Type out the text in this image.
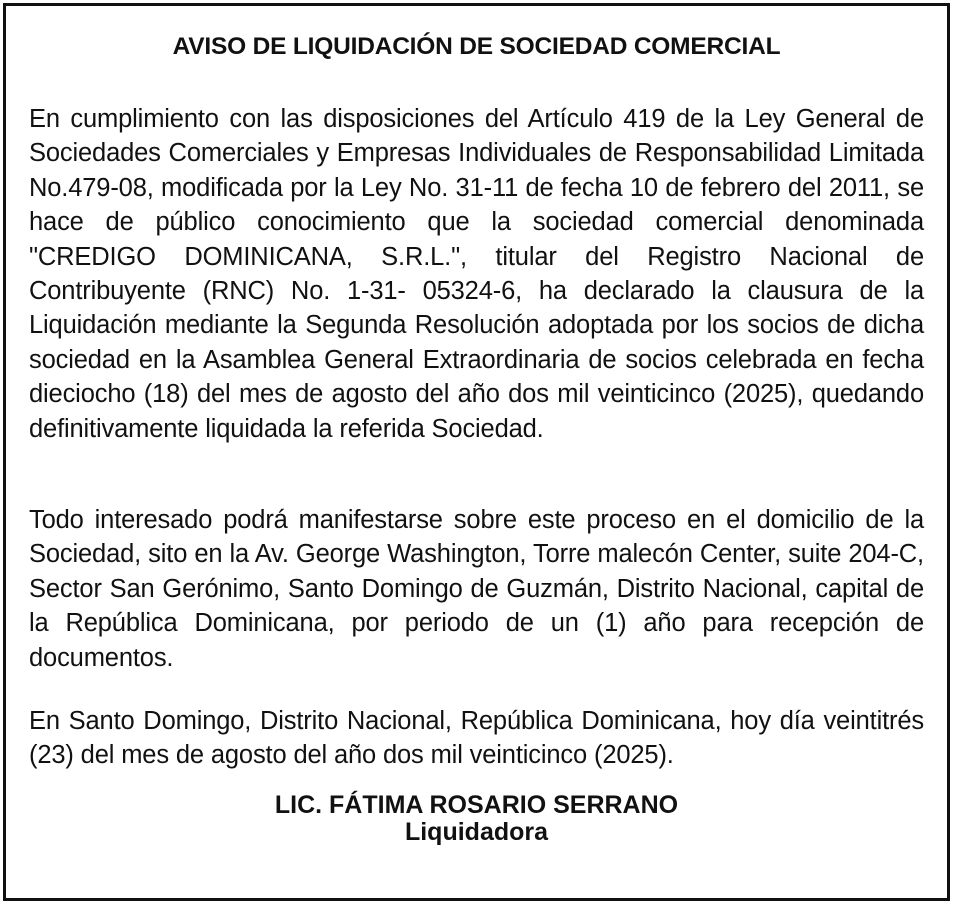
AVISO DE LIQUIDACIÓN DE SOCIEDAD COMERCIAL
En cumplimiento con las disposiciones del Artículo 419 de la Ley General de Sociedades Comerciales y Empresas Individuales de Responsabilidad Limitada No.479-08, modificada por la Ley No. 31-11 de fecha 10 de febrero del 2011, se hace de público conocimiento que la sociedad comercial denominada "CREDIGO DOMINICANA, S.R.L.", titular del Registro Nacional de Contribuyente (RNC) No. 1-31- 05324-6, ha declarado la clausura de la Liquidación mediante la Segunda Resolución adoptada por los socios de dicha sociedad en la Asamblea General Extraordinaria de socios celebrada en fecha dieciocho (18) del mes de agosto del año dos mil veinticinco (2025), quedando definitivamente liquidada la referida Sociedad.
Todo interesado podrá manifestarse sobre este proceso en el domicilio de la Sociedad, sito en la Av. George Washington, Torre malecón Center, suite 204-C, Sector San Gerónimo, Santo Domingo de Guzmán, Distrito Nacional, capital de la República Dominicana, por periodo de un (1) año para recepción de documentos.
En Santo Domingo, Distrito Nacional, República Dominicana, hoy día veintitrés (23) del mes de agosto del año dos mil veinticinco (2025).
LIC. FÁTIMA ROSARIO SERRANO
Liquidadora
